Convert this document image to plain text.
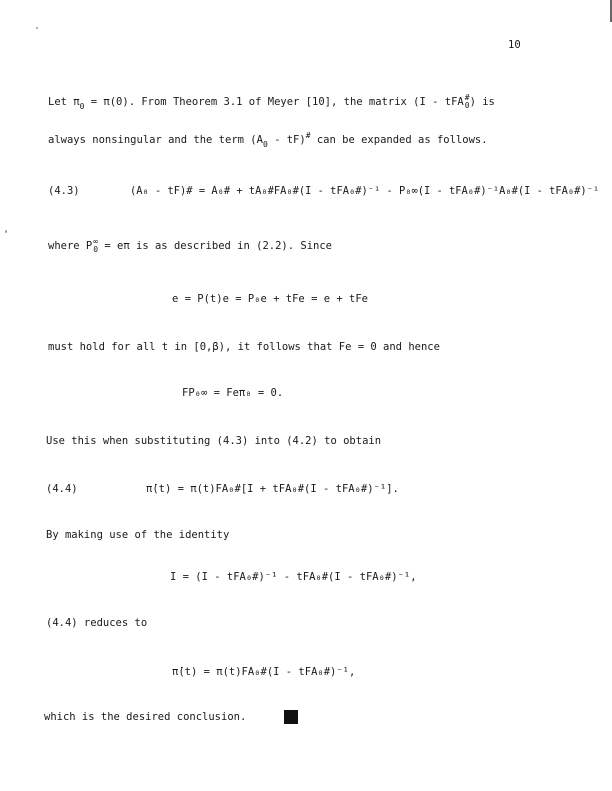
10
Let $\pi_0 = \pi(0)$. From Theorem 3.1 of Meyer [10], the matrix (I - tFA #
0 ) is
always nonsingular and the term $(A_0 - tF)^{\#}$ can be expanded as follows.
(4.3)	(A₀ - tF)# = A₀# + tA₀#FA₀#(I - tFA₀#)⁻¹ - P₀∞(I - tFA₀#)⁻¹A₀#(I - tFA₀#)⁻¹
where P ∞
0 = eπ is as described in (2.2). Since
e = P(t)e = P₀e + tFe = e + tFe
must hold for all t in [0,β), it follows that Fe = 0 and hence
FP₀∞ = Feπ₀ = 0.
Use this when substituting (4.3) into (4.2) to obtain
(4.4)	π̇(t) = π(t)FA₀#[I + tFA₀#(I - tFA₀#)⁻¹].
By making use of the identity
I = (I - tFA₀#)⁻¹ - tFA₀#(I - tFA₀#)⁻¹,
(4.4) reduces to
π̇(t) = π(t)FA₀#(I - tFA₀#)⁻¹,
which is the desired conclusion.
